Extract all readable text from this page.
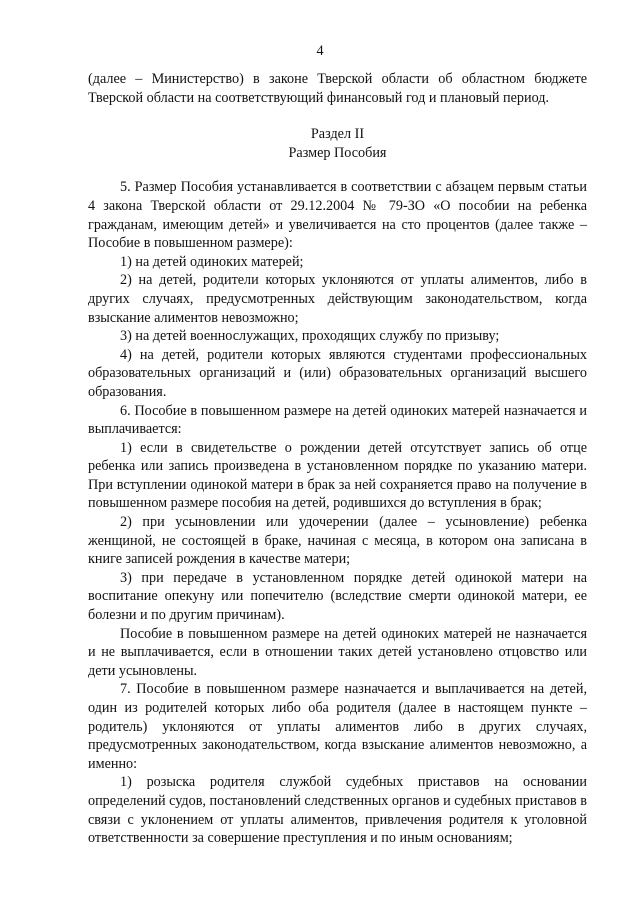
4

(далее – Министерство) в законе Тверской области об областном бюджете Тверской области на соответствующий финансовый год и плановый период.

Раздел II

Размер Пособия

5. Размер Пособия устанавливается в соответствии с абзацем первым статьи 4 закона Тверской области от 29.12.2004 № 79-ЗО «О пособии на ребенка гражданам, имеющим детей» и увеличивается на сто процентов (далее также – Пособие в повышенном размере):

1) на детей одиноких матерей;

2) на детей, родители которых уклоняются от уплаты алиментов, либо в других случаях, предусмотренных действующим законодательством, когда взыскание алиментов невозможно;

3) на детей военнослужащих, проходящих службу по призыву;

4) на детей, родители которых являются студентами профессиональных образовательных организаций и (или) образовательных организаций высшего образования.

6. Пособие в повышенном размере на детей одиноких матерей назначается и выплачивается:

1) если в свидетельстве о рождении детей отсутствует запись об отце ребенка или запись произведена в установленном порядке по указанию матери. При вступлении одинокой матери в брак за ней сохраняется право на получение в повышенном размере пособия на детей, родившихся до вступления в брак;

2) при усыновлении или удочерении (далее – усыновление) ребенка женщиной, не состоящей в браке, начиная с месяца, в котором она записана в книге записей рождения в качестве матери;

3) при передаче в установленном порядке детей одинокой матери на воспитание опекуну или попечителю (вследствие смерти одинокой матери, ее болезни и по другим причинам).

Пособие в повышенном размере на детей одиноких матерей не назначается и не выплачивается, если в отношении таких детей установлено отцовство или дети усыновлены.

7. Пособие в повышенном размере назначается и выплачивается на детей, один из родителей которых либо оба родителя (далее в настоящем пункте – родитель) уклоняются от уплаты алиментов либо в других случаях, предусмотренных законодательством, когда взыскание алиментов невозможно, а именно:

1) розыска родителя службой судебных приставов на основании определений судов, постановлений следственных органов и судебных приставов в связи с уклонением от уплаты алиментов, привлечения родителя к уголовной ответственности за совершение преступления и по иным основаниям;
